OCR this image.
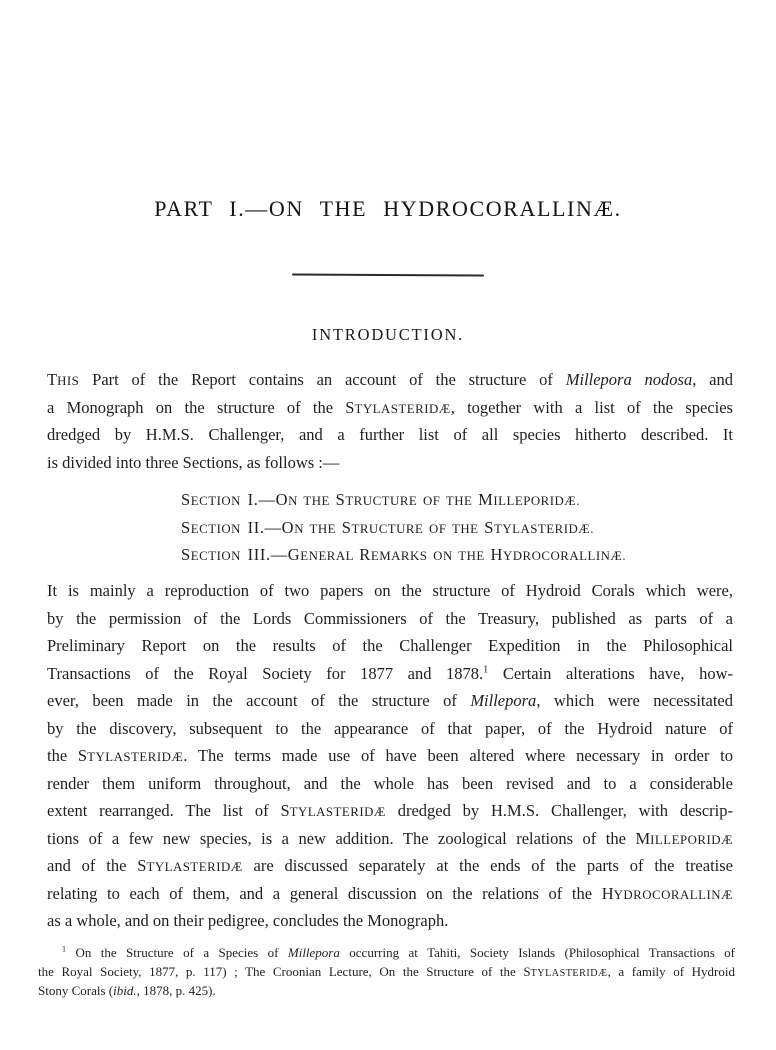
PART I.—ON THE HYDROCORALLINÆ.
INTRODUCTION.
THIS Part of the Report contains an account of the structure of Millepora nodosa, and
a Monograph on the structure of the STYLASTERIDÆ, together with a list of the species
dredged by H.M.S. Challenger, and a further list of all species hitherto described. It
is divided into three Sections, as follows :—
SECTION I.—ON THE STRUCTURE OF THE MILLEPORIDÆ.
SECTION II.—ON THE STRUCTURE OF THE STYLASTERIDÆ.
SECTION III.—GENERAL REMARKS ON THE HYDROCORALLINÆ.
It is mainly a reproduction of two papers on the structure of Hydroid Corals which were,
by the permission of the Lords Commissioners of the Treasury, published as parts of a
Preliminary Report on the results of the Challenger Expedition in the Philosophical
Transactions of the Royal Society for 1877 and 1878.$^1$ Certain alterations have, how-
ever, been made in the account of the structure of Millepora, which were necessitated
by the discovery, subsequent to the appearance of that paper, of the Hydroid nature of
the STYLASTERIDÆ. The terms made use of have been altered where necessary in order to
render them uniform throughout, and the whole has been revised and to a considerable
extent rearranged. The list of STYLASTERIDÆ dredged by H.M.S. Challenger, with descrip-
tions of a few new species, is a new addition. The zoological relations of the MILLEPORIDÆ
and of the STYLASTERIDÆ are discussed separately at the ends of the parts of the treatise
relating to each of them, and a general discussion on the relations of the HYDROCORALLINÆ
as a whole, and on their pedigree, concludes the Monograph.
$^1$ On the Structure of a Species of Millepora occurring at Tahiti, Society Islands (Philosophical Transactions of
the Royal Society, 1877, p. 117) ; The Croonian Lecture, On the Structure of the STYLASTERIDÆ, a family of Hydroid
Stony Corals (ibid., 1878, p. 425).
